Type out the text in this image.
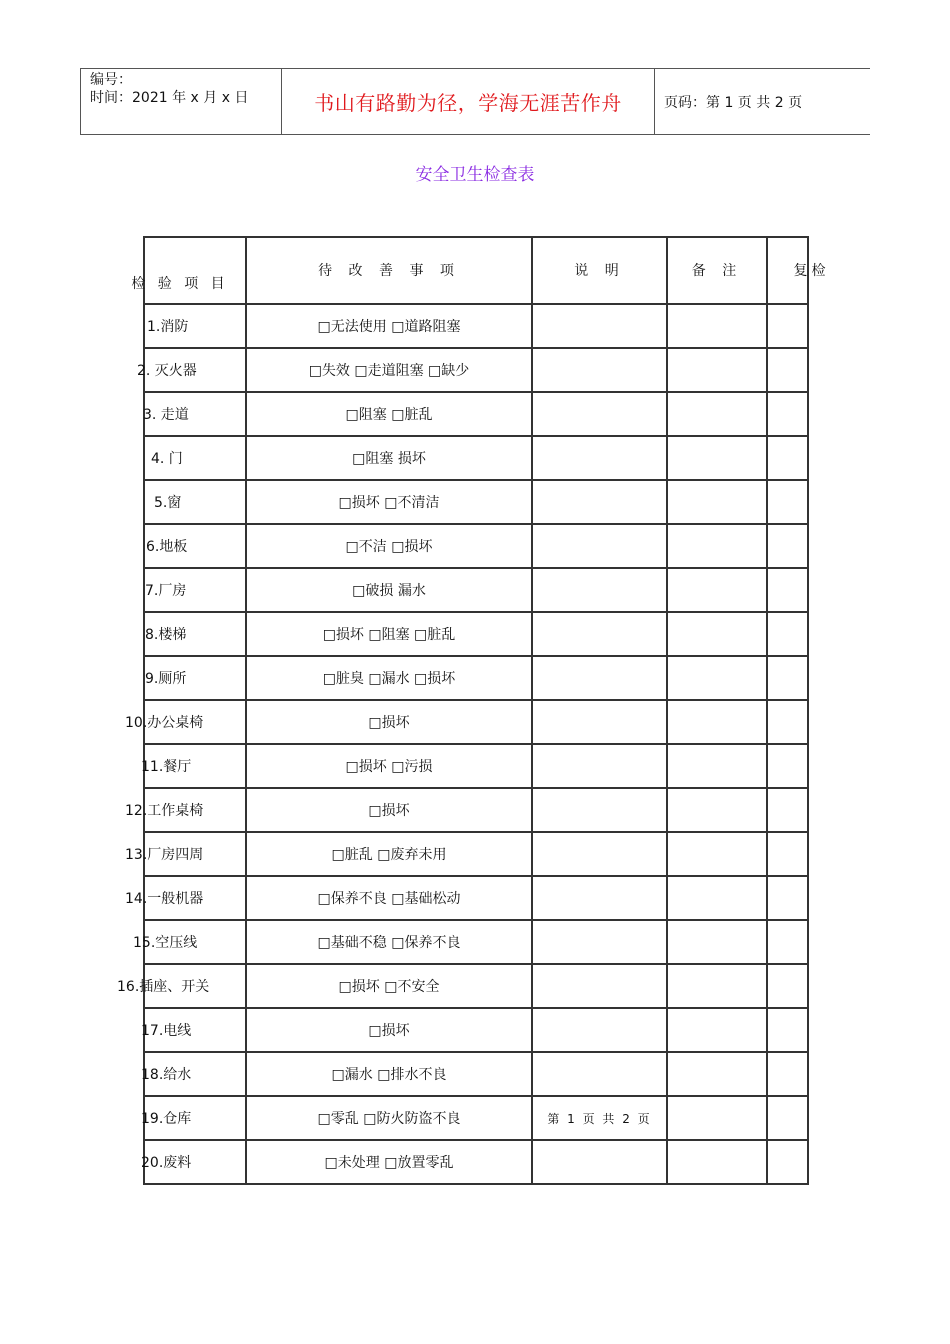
编号：
时间：2021 年 x 月 x 日	书山有路勤为径，学海无涯苦作舟	页码：第 1 页 共 2 页
安全卫生检查表
检 验 项 目	待 改 善 事 项	说 明	备 注	复检
1.消防	□无法使用 □道路阻塞			
2. 灭火器	□失效 □走道阻塞 □缺少			
3. 走道	□阻塞 □脏乱			
4. 门	□阻塞 损坏			
5.窗	□损坏 □不清洁			
6.地板	□不洁 □损坏			
7.厂房	□破损 漏水			
8.楼梯	□损坏 □阻塞 □脏乱			
9.厕所	□脏臭 □漏水 □损坏			
10.办公桌椅	□损坏			
11.餐厅	□损坏 □污损			
12.工作桌椅	□损坏			
13.厂房四周	□脏乱 □废弃未用			
14.一般机器	□保养不良 □基础松动			
15.空压线	□基础不稳 □保养不良			
16.插座、开关	□损坏 □不安全			
17.电线	□损坏			
18.给水	□漏水 □排水不良			
19.仓库	□零乱 □防火防盗不良	第 1 页 共 2 页		
20.废料	□未处理 □放置零乱			
